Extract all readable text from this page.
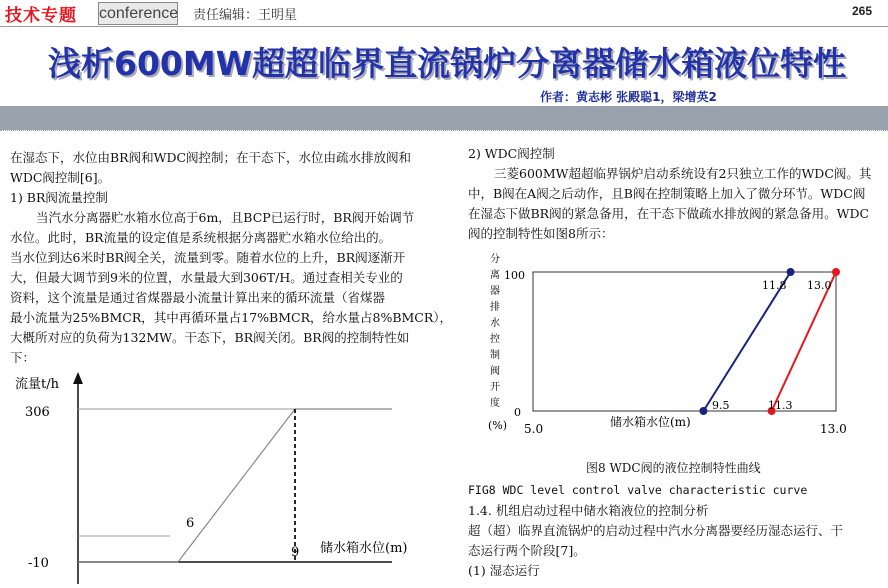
技术专题 conference 责任编辑：王明星	265
浅析600MW超超临界直流锅炉分离器储水箱液位特性
作者：黄志彬 张殿聪1，梁增英2

在湿态下，水位由BR阀和WDC阀控制；在干态下，水位由疏水排放阀和

WDC阀控制[6]。

1) BR阀流量控制

当汽水分离器贮水箱水位高于6m，且BCP已运行时，BR阀开始调节

水位。此时，BR流量的设定值是系统根据分离器贮水箱水位给出的。

当水位到达6米时BR阀全关，流量到零。随着水位的上升，BR阀逐渐开

大，但最大调节到9米的位置，水量最大到306T/H。通过查相关专业的

资料，这个流量是通过省煤器最小流量计算出来的循环流量（省煤器

最小流量为25%BMCR，其中再循环量占17%BMCR，给水量占8%BMCR），

大概所对应的负荷为132MW。干态下，BR阀关闭。BR阀的控制特性如

下：

流量t/h
306
-10
6
9 储水箱水位(m)

2) WDC阀控制

三菱600MW超超临界锅炉启动系统设有2只独立工作的WDC阀。其

中，B阀在A阀之后动作，且B阀在控制策略上加入了微分环节。WDC阀

在湿态下做BR阀的紧急备用，在干态下做疏水排放阀的紧急备用。WDC

阀的控制特性如图8所示：

分
离
器
排
水
控
制
阀
开
度
100
0
(%)
11.8 13.0
9.5	11.3
5.0	13.0
储水箱水位(m)
图8 WDC阀的液位控制特性曲线
FIG8 WDC level control valve characteristic curve

1.4. 机组启动过程中储水箱液位的控制分析

超（超）临界直流锅炉的启动过程中汽水分离器要经历湿态运行、干

态运行两个阶段[7]。

(1) 湿态运行
